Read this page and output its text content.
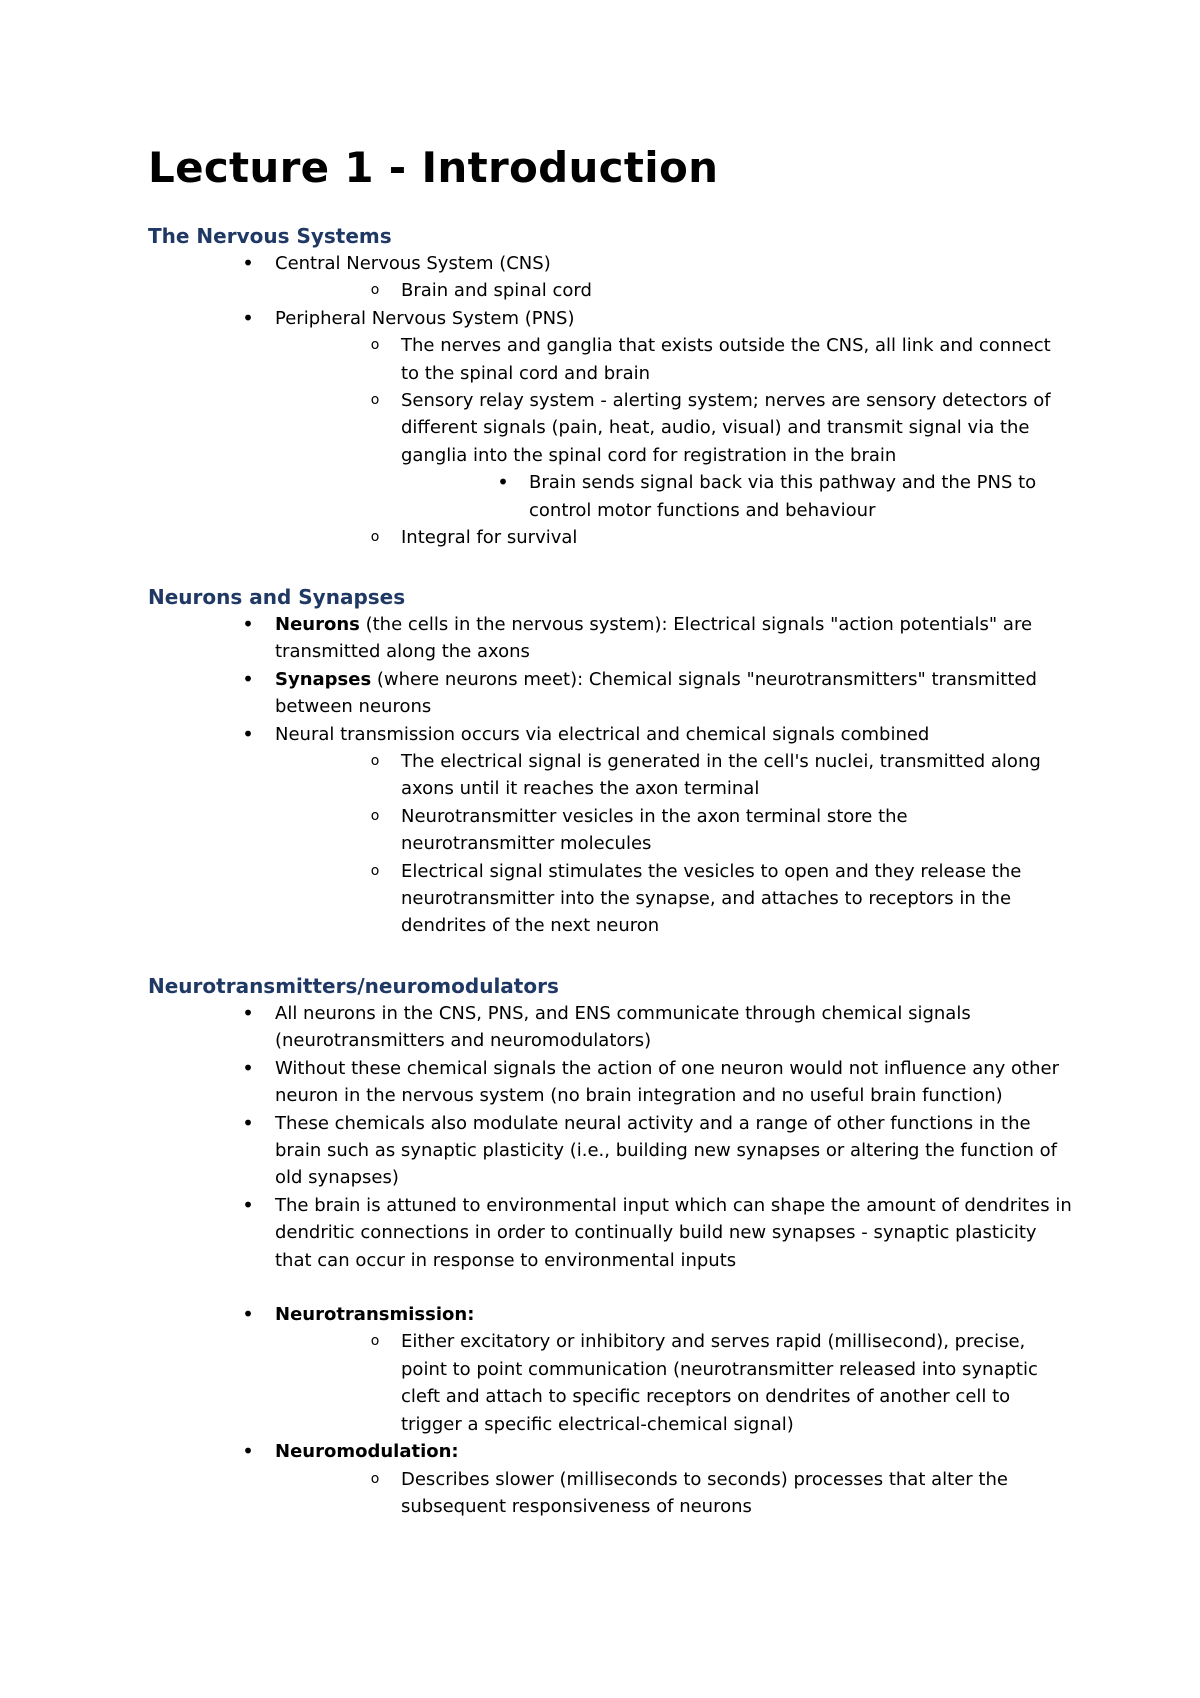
Lecture 1 - Introduction
The Nervous Systems
• Central Nervous System (CNS)
o	Brain and spinal cord
• Peripheral Nervous System (PNS)
o	The nerves and ganglia that exists outside the CNS, all link and connect to the spinal cord and brain
o	Sensory relay system - alerting system; nerves are sensory detectors of different signals (pain, heat, audio, visual) and transmit signal via the ganglia into the spinal cord for registration in the brain
• Brain sends signal back via this pathway and the PNS to control motor functions and behaviour
o	Integral for survival
Neurons and Synapses
• Neurons (the cells in the nervous system): Electrical signals "action potentials" are transmitted along the axons
• Synapses (where neurons meet): Chemical signals "neurotransmitters" transmitted between neurons
• Neural transmission occurs via electrical and chemical signals combined
o	The electrical signal is generated in the cell's nuclei, transmitted along axons until it reaches the axon terminal
o	Neurotransmitter vesicles in the axon terminal store the neurotransmitter molecules
o	Electrical signal stimulates the vesicles to open and they release the neurotransmitter into the synapse, and attaches to receptors in the dendrites of the next neuron
Neurotransmitters/neuromodulators
• All neurons in the CNS, PNS, and ENS communicate through chemical signals (neurotransmitters and neuromodulators)
• Without these chemical signals the action of one neuron would not influence any other neuron in the nervous system (no brain integration and no useful brain function)
• These chemicals also modulate neural activity and a range of other functions in the brain such as synaptic plasticity (i.e., building new synapses or altering the function of old synapses)
• The brain is attuned to environmental input which can shape the amount of dendrites in dendritic connections in order to continually build new synapses - synaptic plasticity that can occur in response to environmental inputs
• Neurotransmission:
o	Either excitatory or inhibitory and serves rapid (millisecond), precise, point to point communication (neurotransmitter released into synaptic cleft and attach to specific receptors on dendrites of another cell to trigger a specific electrical-chemical signal)
• Neuromodulation:
o	Describes slower (milliseconds to seconds) processes that alter the subsequent responsiveness of neurons
